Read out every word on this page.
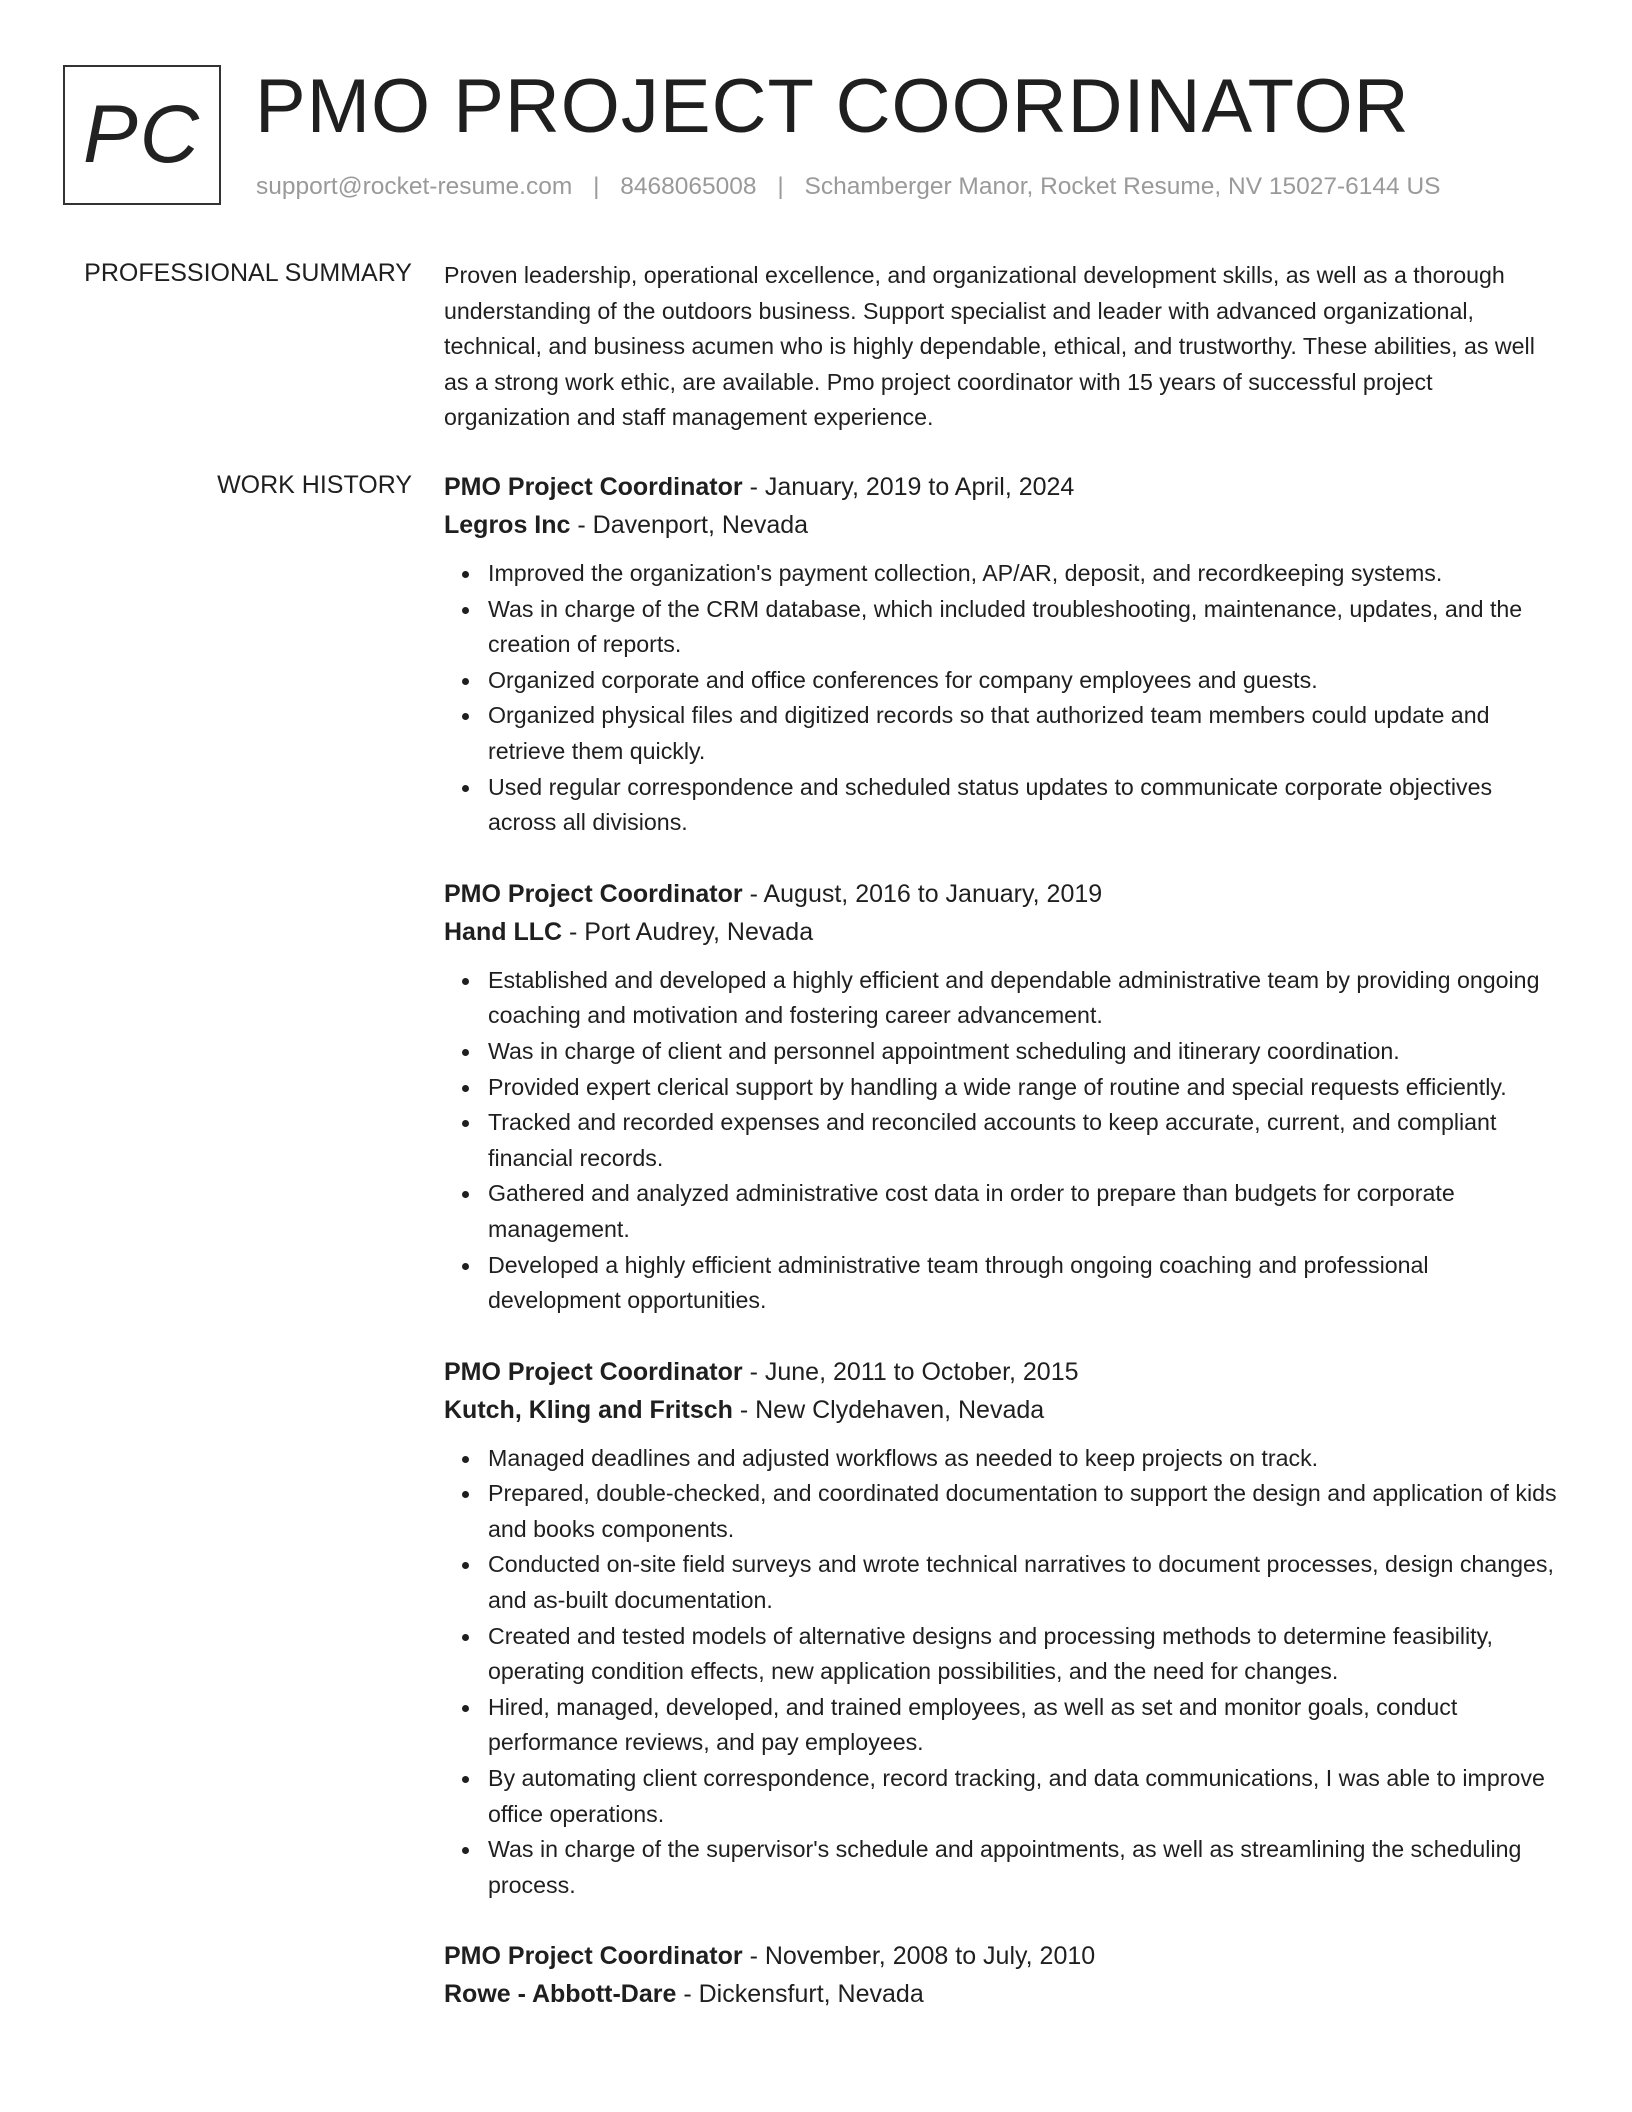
PC PMO PROJECT COORDINATOR
support@rocket-resume.com | 8468065008 | Schamberger Manor, Rocket Resume, NV 15027-6144 US
PROFESSIONAL SUMMARY Proven leadership, operational excellence, and organizational development skills, as well as a thorough understanding of the outdoors business. Support specialist and leader with advanced organizational, technical, and business acumen who is highly dependable, ethical, and trustworthy. These abilities, as well as a strong work ethic, are available. Pmo project coordinator with 15 years of successful project organization and staff management experience.
WORK HISTORY PMO Project Coordinator - January, 2019 to April, 2024
Legros Inc - Davenport, Nevada
Improved the organization's payment collection, AP/AR, deposit, and recordkeeping systems.
Was in charge of the CRM database, which included troubleshooting, maintenance, updates, and the creation of reports.
Organized corporate and office conferences for company employees and guests.
Organized physical files and digitized records so that authorized team members could update and retrieve them quickly.
Used regular correspondence and scheduled status updates to communicate corporate objectives across all divisions.
PMO Project Coordinator - August, 2016 to January, 2019
Hand LLC - Port Audrey, Nevada
Established and developed a highly efficient and dependable administrative team by providing ongoing coaching and motivation and fostering career advancement.
Was in charge of client and personnel appointment scheduling and itinerary coordination.
Provided expert clerical support by handling a wide range of routine and special requests efficiently.
Tracked and recorded expenses and reconciled accounts to keep accurate, current, and compliant financial records.
Gathered and analyzed administrative cost data in order to prepare than budgets for corporate management.
Developed a highly efficient administrative team through ongoing coaching and professional development opportunities.
PMO Project Coordinator - June, 2011 to October, 2015
Kutch, Kling and Fritsch - New Clydehaven, Nevada
Managed deadlines and adjusted workflows as needed to keep projects on track.
Prepared, double-checked, and coordinated documentation to support the design and application of kids and books components.
Conducted on-site field surveys and wrote technical narratives to document processes, design changes, and as-built documentation.
Created and tested models of alternative designs and processing methods to determine feasibility, operating condition effects, new application possibilities, and the need for changes.
Hired, managed, developed, and trained employees, as well as set and monitor goals, conduct performance reviews, and pay employees.
By automating client correspondence, record tracking, and data communications, I was able to improve office operations.
Was in charge of the supervisor's schedule and appointments, as well as streamlining the scheduling process.
PMO Project Coordinator - November, 2008 to July, 2010
Rowe - Abbott-Dare - Dickensfurt, Nevada
